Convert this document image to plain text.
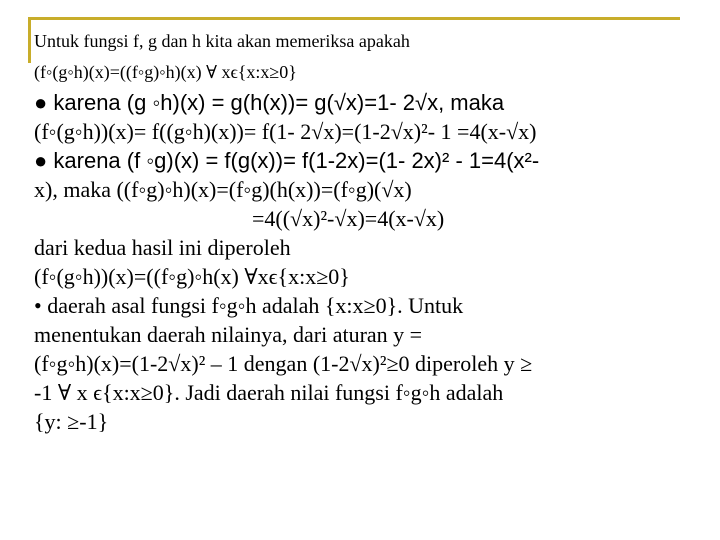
Untuk fungsi f, g dan h kita akan memeriksa apakah
(f◦(g◦h)(x)=((f◦g)◦h)(x) ∀ xϵ{x:x≥0}
● karena (g ◦h)(x) = g(h(x))= g(√x)=1- 2√x, maka
(f◦(g◦h))(x)= f((g◦h)(x))= f(1- 2√x)=(1-2√x)²- 1 =4(x-√x)
● karena (f ◦g)(x) = f(g(x))= f(1-2x)=(1- 2x)² - 1=4(x²-
x), maka ((f◦g)◦h)(x)=(f◦g)(h(x))=(f◦g)(√x)
=4((√x)²-√x)=4(x-√x)
dari kedua hasil ini diperoleh
(f◦(g◦h))(x)=((f◦g)◦h(x) ∀xϵ{x:x≥0}
• daerah asal fungsi f◦g◦h adalah {x:x≥0}. Untuk
menentukan daerah nilainya, dari aturan y =
(f◦g◦h)(x)=(1-2√x)² – 1 dengan (1-2√x)²≥0 diperoleh y ≥
-1 ∀ x ϵ{x:x≥0}. Jadi daerah nilai fungsi f◦g◦h adalah
{y: ≥-1}
